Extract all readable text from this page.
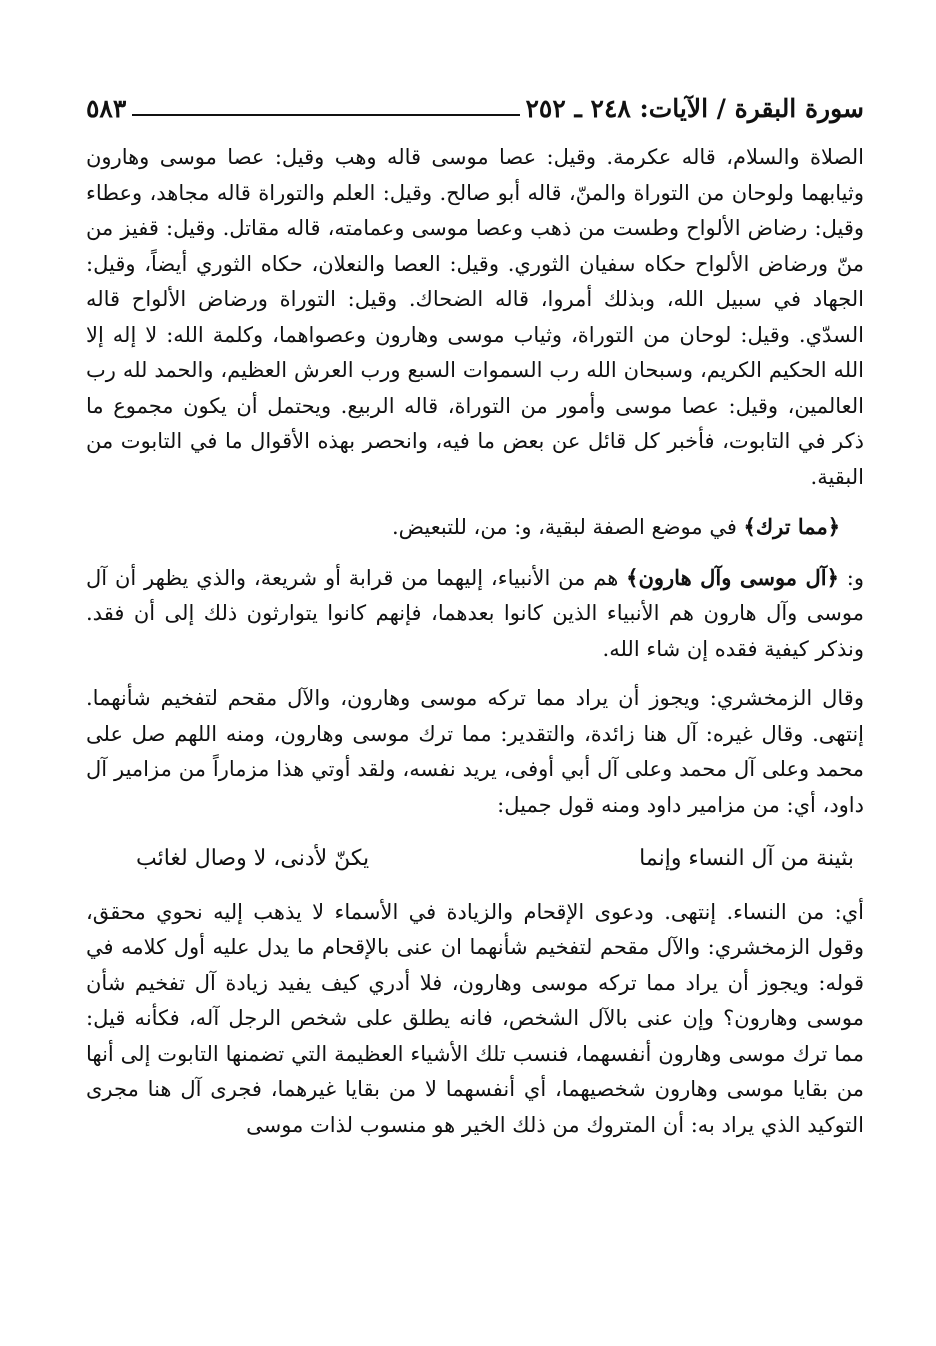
سورة البقرة / الآيات: ٢٤٨ ـ ٢٥٢
٥٨٣

الصلاة والسلام، قاله عكرمة. وقيل: عصا موسى قاله وهب وقيل: عصا موسى وهارون وثيابهما ولوحان من التوراة والمنّ، قاله أبو صالح. وقيل: العلم والتوراة قاله مجاهد، وعطاء وقيل: رضاض الألواح وطست من ذهب وعصا موسى وعمامته، قاله مقاتل. وقيل: قفيز من منّ ورضاض الألواح حكاه سفيان الثوري. وقيل: العصا والنعلان، حكاه الثوري أيضاً، وقيل: الجهاد في سبيل الله، وبذلك أمروا، قاله الضحاك. وقيل: التوراة ورضاض الألواح قاله السدّي. وقيل: لوحان من التوراة، وثياب موسى وهارون وعصواهما، وكلمة الله: لا إله إلا الله الحكيم الكريم، وسبحان الله رب السموات السبع ورب العرش العظيم، والحمد لله رب العالمين، وقيل: عصا موسى وأمور من التوراة، قاله الربيع. ويحتمل أن يكون مجموع ما ذكر في التابوت، فأخبر كل قائل عن بعض ما فيه، وانحصر بهذه الأقوال ما في التابوت من البقية.

﴿مما ترك﴾ في موضع الصفة لبقية، و: من، للتبعيض.

و: ﴿آل موسى وآل هارون﴾ هم من الأنبياء، إليهما من قرابة أو شريعة، والذي يظهر أن آل موسى وآل هارون هم الأنبياء الذين كانوا بعدهما، فإنهم كانوا يتوارثون ذلك إلى أن فقد. ونذكر كيفية فقده إن شاء الله.

وقال الزمخشري: ويجوز أن يراد مما تركه موسى وهارون، والآل مقحم لتفخيم شأنهما. إنتهى. وقال غيره: آل هنا زائدة، والتقدير: مما ترك موسى وهارون، ومنه اللهم صل على محمد وعلى آل محمد وعلى آل أبي أوفى، يريد نفسه، ولقد أوتي هذا مزماراً من مزامير آل داود، أي: من مزامير داود ومنه قول جميل:

بثينة من آل النساء وإنما
يكنّ لأدنى، لا وصال لغائب

أي: من النساء. إنتهى. ودعوى الإقحام والزيادة في الأسماء لا يذهب إليه نحوي محقق، وقول الزمخشري: والآل مقحم لتفخيم شأنهما ان عنى بالإقحام ما يدل عليه أول كلامه في قوله: ويجوز أن يراد مما تركه موسى وهارون، فلا أدري كيف يفيد زيادة آل تفخيم شأن موسى وهارون؟ وإن عنى بالآل الشخص، فانه يطلق على شخص الرجل آله، فكأنه قيل: مما ترك موسى وهارون أنفسهما، فنسب تلك الأشياء العظيمة التي تضمنها التابوت إلى أنها من بقايا موسى وهارون شخصيهما، أي أنفسهما لا من بقايا غيرهما، فجرى آل هنا مجرى التوكيد الذي يراد به: أن المتروك من ذلك الخير هو منسوب لذات موسى
